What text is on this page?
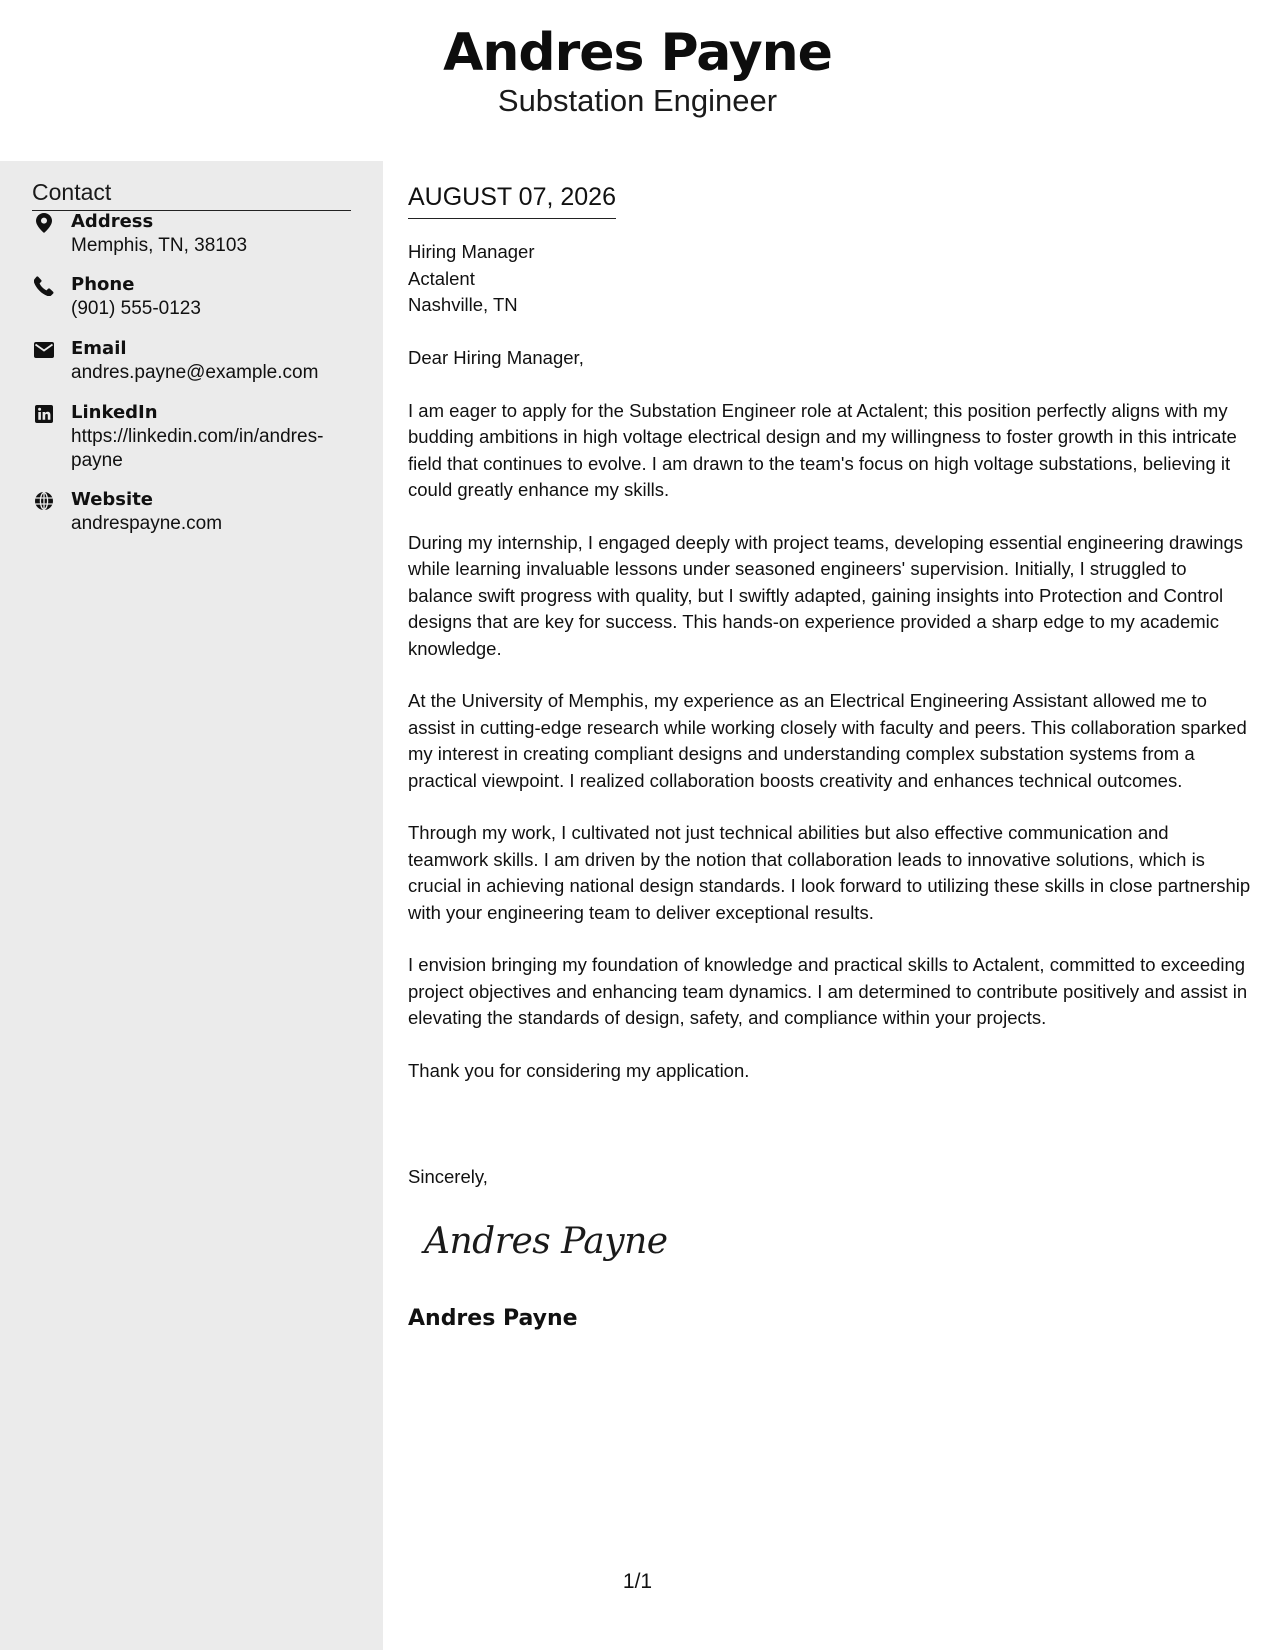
Andres Payne
Substation Engineer
Contact
Address
Memphis, TN, 38103
Phone
(901) 555-0123
Email
andres.payne@example.com
LinkedIn
https://linkedin.com/in/andres-payne
Website
andrespayne.com
AUGUST 07, 2026
Hiring Manager
Actalent
Nashville, TN
Dear Hiring Manager,

I am eager to apply for the Substation Engineer role at Actalent; this position perfectly aligns with my budding ambitions in high voltage electrical design and my willingness to foster growth in this intricate field that continues to evolve. I am drawn to the team's focus on high voltage substations, believing it could greatly enhance my skills.

During my internship, I engaged deeply with project teams, developing essential engineering drawings while learning invaluable lessons under seasoned engineers' supervision. Initially, I struggled to balance swift progress with quality, but I swiftly adapted, gaining insights into Protection and Control designs that are key for success. This hands-on experience provided a sharp edge to my academic knowledge.

At the University of Memphis, my experience as an Electrical Engineering Assistant allowed me to assist in cutting-edge research while working closely with faculty and peers. This collaboration sparked my interest in creating compliant designs and understanding complex substation systems from a practical viewpoint. I realized collaboration boosts creativity and enhances technical outcomes.

Through my work, I cultivated not just technical abilities but also effective communication and teamwork skills. I am driven by the notion that collaboration leads to innovative solutions, which is crucial in achieving national design standards. I look forward to utilizing these skills in close partnership with your engineering team to deliver exceptional results.

I envision bringing my foundation of knowledge and practical skills to Actalent, committed to exceeding project objectives and enhancing team dynamics. I am determined to contribute positively and assist in elevating the standards of design, safety, and compliance within your projects.

Thank you for considering my application.

Sincerely,
Andres Payne
Andres Payne
1/1
